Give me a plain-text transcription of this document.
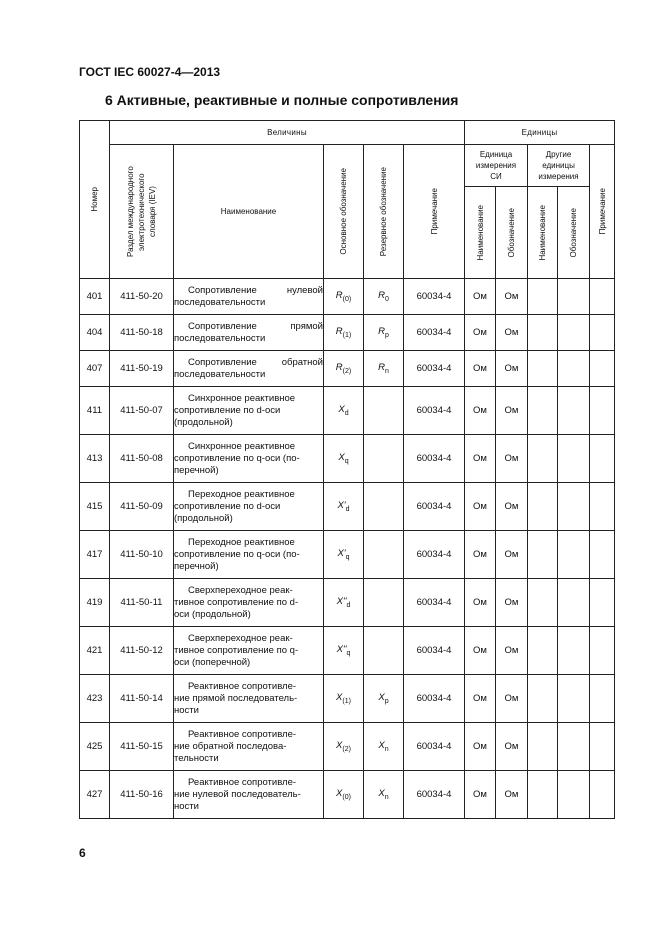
ГОСТ IEC 60027-4—2013
6 Активные, реактивные и полные сопротивления
Номер	Величины					Единицы				

	Раздел международного электротехнического словаря (IEV)	Наименование	Основное обозначение	Резервное обозначение	Примечание	Единица измерения СИ		Другие единицы измерения		Примечание

						Наименование	Обозначение	Наименование	Обозначение	

401	411-50-20	Сопротивление нулевой последовательности	$R_{(0)}$	$R_0$	60034-4	Ом	Ом			
404	411-50-18	Сопротивление прямой последовательности	$R_{(1)}$	$R_p$	60034-4	Ом	Ом			
407	411-50-19	Сопротивление обратной последовательности	$R_{(2)}$	$R_n$	60034-4	Ом	Ом			
411	411-50-07	Синхронное реактивное
сопротивление по d-оси
(продольной)	$X_d$		60034-4	Ом	Ом			
413	411-50-08	Синхронное реактивное
сопротивление по q-оси (по-
перечной)	$X_q$		60034-4	Ом	Ом			
415	411-50-09	Переходное реактивное
сопротивление по d-оси
(продольной)	$X'_d$		60034-4	Ом	Ом			
417	411-50-10	Переходное реактивное
сопротивление по q-оси (по-
перечной)	$X'_q$		60034-4	Ом	Ом			
419	411-50-11	Сверхпереходное реак-
тивное сопротивление по d-
оси (продольной)	$X''_d$		60034-4	Ом	Ом			
421	411-50-12	Сверхпереходное реак-
тивное сопротивление по q-
оси (поперечной)	$X''_q$		60034-4	Ом	Ом			
423	411-50-14	Реактивное сопротивле-
ние прямой последователь-
ности	$X_{(1)}$	$X_p$	60034-4	Ом	Ом			
425	411-50-15	Реактивное сопротивле-
ние обратной последова-
тельности	$X_{(2)}$	$X_n$	60034-4	Ом	Ом			
427	411-50-16	Реактивное сопротивле-
ние нулевой последователь-
ности	$X_{(0)}$	$X_n$	60034-4	Ом	Ом			
6
